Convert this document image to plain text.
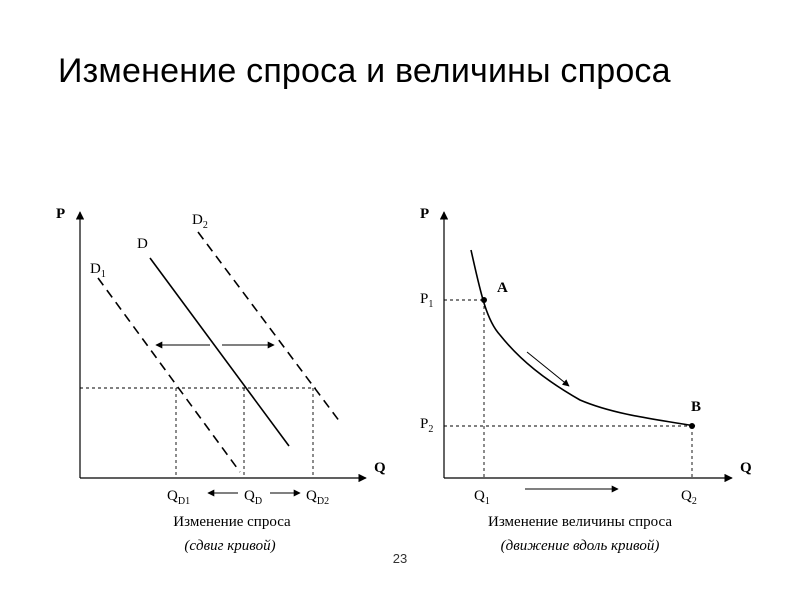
Изменение спроса и величины спроса
P
Q
D
$D_1$
$D_2$
$Q_{D1}$	$Q_D$	$Q_{D2}$
Изменение спроса
(сдвиг кривой)
P
Q
$P_1$
$P_2$
$Q_1$	$Q_2$
A
B
Изменение величины спроса
(движение вдоль кривой)
23
